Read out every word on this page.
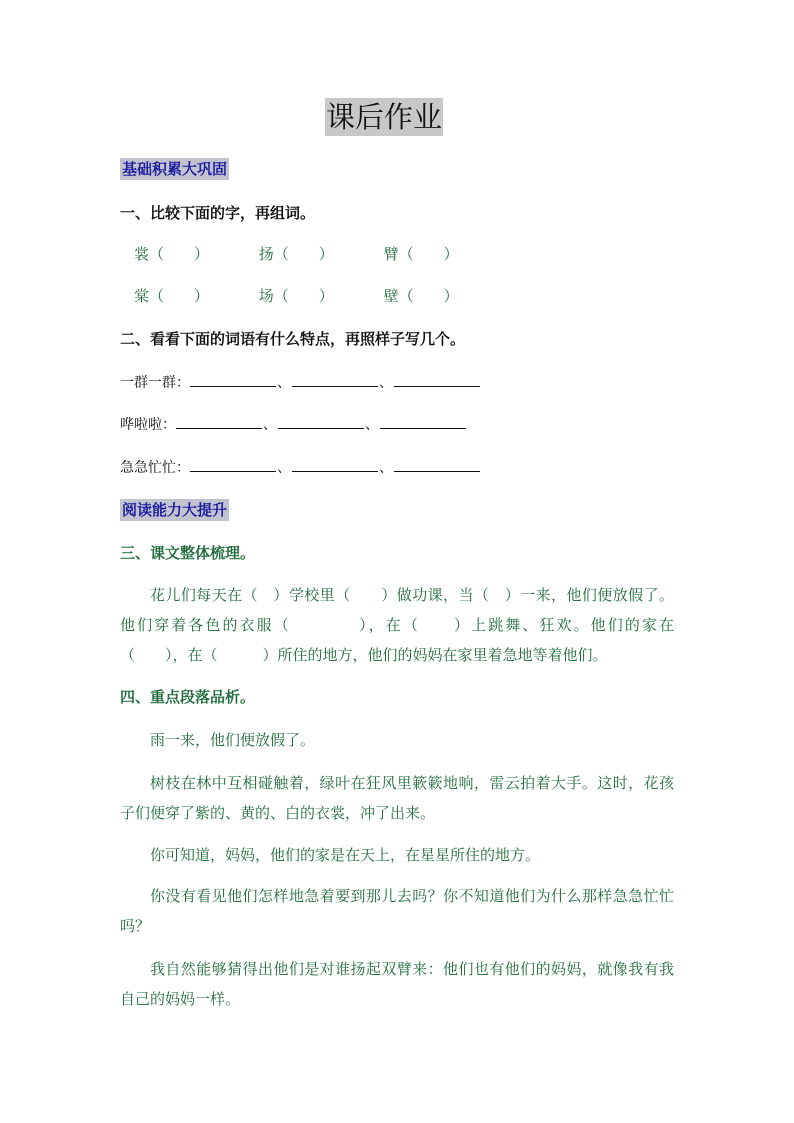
课后作业
基础积累大巩固
一、比较下面的字，再组词。
裳（　　）	扬（　　）	臂（　　）
棠（　　）	场（　　）	壁（　　）
二、看看下面的词语有什么特点，再照样子写几个。
一群一群：	、	、
哗啦啦：	、	、
急急忙忙：	、	、
阅读能力大提升
三、课文整体梳理。
花儿们每天在（　）学校里（　　）做功课，当（　）一来，他们便放假了。他们穿着各色的衣服（　　　　），在（　　）上跳舞、狂欢。他们的家在（　　），在（　　　）所住的地方，他们的妈妈在家里着急地等着他们。
四、重点段落品析。
雨一来，他们便放假了。
树枝在林中互相碰触着，绿叶在狂风里簌簌地响，雷云拍着大手。这时，花孩子们便穿了紫的、黄的、白的衣裳，冲了出来。
你可知道，妈妈，他们的家是在天上，在星星所住的地方。
你没有看见他们怎样地急着要到那儿去吗？你不知道他们为什么那样急急忙忙吗？
我自然能够猜得出他们是对谁扬起双臂来：他们也有他们的妈妈，就像我有我自己的妈妈一样。
